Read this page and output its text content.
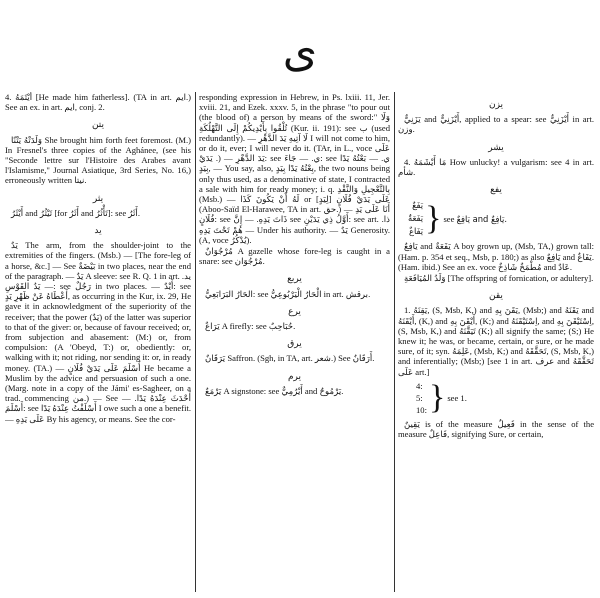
ى
4. أَيْتَمَهُ [He made him fatherless]. (TA in art. ايم.) See an ex. in art. ايم, conj. 2.
يتن
وَلَدَتْهُ يَتْنًا She brought him forth feet foremost. (M.) In Fresnel's three copies of the Aghánee, (see his "Seconde lettre sur l'Histoire des Arabes avant l'Islamisme," Journal Asiatique, 3rd Series, No. 16,) erroneously written نيتا.
يثر
أَيْثَرُ and تَيْثُرُ [for أَثَرُ and تَأْثُرُ]: see أَثَرُ.
يد
يَدٌ The arm, from the shoulder-joint to the extremities of the fingers. (Msb.) — [The fore-leg of a horse, &c.] — See بَيْضَةٌ in two places, near the end of the paragraph. — يَدٌ A sleeve: see R. Q. 1 in art. يد. — يَدُ القَوْسِ: see رَجُلٌ in two places. — أَيْدٌ: see أَعْطَاهُ عَنْ ظَهْرِ يَدٍ, as occurring in the Kur, ix. 29, He gave it in acknowledgment of the superiority of the receiver; that the power (يَدٌ) of the latter was superior to that of the giver: or, because of favour received; or, from subjection and abasement: (M:) or, from compulsion: (A 'Obeyd, T:) or, obediently: or, walking with it; not riding, nor sending it: or, in ready money. (TA.) — أَسْلَمَ عَلَى يَدَيْ فُلَانٍ He became a Muslim by the advice and persuasion of such a one. (Marg. note in a copy of the Jámi' es-Sagheer, on a trad. commencing من.) — See أَحْدَثَ عِنْدَهُ يَدًا. — أَسْلَمَ: see أَسْلَفْتُ عِنْدَهُ يَدًا I owe such a one a benefit. — عَلَى يَدِهِ By his agency, or means. See the cor-
responding expression in Hebrew, in Ps. lxiii. 11, Jer. xviii. 21, and Ezek. xxxv. 5, in the phrase "to pour out (the blood of) a person by means of the sword:" وَلَا تُلْقُوا بِأَيْدِيكُمْ إِلَى التَّهْلُكَةِ (Kur. ii. 191): see ب (used redundantly). — لَا آتِيهِ يَدَ الدَّهْرِ I will not come to him, or do it, ever; I will never do it. (TAr, in L., voce عَلَى يَدَيْ .) — يَدَ الدَّهْرِ: see ي. — جَاءَ: see ي. — بَعْتُهُ يَدًا بِيَدٍ, — You say, also, بِعْتُهُ يَدًا بِيَدٍ, the two nouns being only thus used, as a denominative of state, I contracted a sale with him for ready money; i. q. بِالتَّعْجِيلِ وَالنَّقْدِ (Msb.) — لَهُ أَنْ يَكُونَ كَذَا or [لِيَدٍ] عَلَى يَدَيْ فُلَانٍ (Aboo-Saïd El-Harawee, TA in art. حق.) — أَنَا عَلَى يَدِ فُلَانٍ: see ذَاتَ يَدِهِ. — إِنَّ see أَوَّلُ ذِي يَدَيْنِ: see art. ذا. — هُمْ تَحْتَ يَدِهِ Under his authority. — يَدٌ Generosity. (A, voce يُدْكُرُ).
مُرْجُوَانٌ A gazelle whose fore-leg is caught in a snare: see مُرْجُوَان.
يربع
الحَارُ البَرَابَعِيُّ: see الْحَارُ الْيَرْبُوعِيُّ in art. برقش.
يرع
يَرَاعٌ A firefly: see حُبَاحِبٌ.
يرق
يَرَقَانٌ Saffron. (Sgh, in TA, art. شعر.) See أَرَقَانٌ.
يرم
يَرْمَعٌ A signstone: see أَيْرُمِيٌّ and يَرْمُوحٌ.
يزن
يَزَنِيٌّ and أَيْزَنِيٌّ, applied to a spear: see أَيْزَنِيٌّ in art. وزن.
يشر
4. مَا أَيْشَمَهُ How unlucky! a vulgarism: see 4 in art. شأم.
يفع
يَفَعٌ
يَفَعَةٌ
يَفَاعٌ } see
يَافِعٌ and يَافِعٌ.
يَافِعٌ and يَفَعَةٌ A boy grown up, (Msb, TA,) grown tall: (Ham. p. 354 et seq., Msb, p. 180;) as also يَافِعٌ and يَفَاعٌ. (Ham. ibid.) See an ex. voce مُطْمَخٌ شَاذِخٌ and عَادٌ.
وَلَدُ المُيَافَعَةِ [The offspring of fornication, or adultery].
يقن
1. يَقِنَهُ, (S, Msb, K,) and يَقَنَ بِهِ, (Msb;) and يَقَنَهُ and أَيْقَنَهُ, (K,) and أَيْقَنَ بِهِ, (K;) and اِسْتَيْقَنَهُ, and اِسْتَيْقَنَ بِهِ, (S, Msb, K,) and تَيَقَّنَهُ (K;) all signify the same; (S;) He knew it; he was, or became, certain, or sure, or he made sure, of it; syn. عَلِمَهُ, (Msb, K;) and تَحَقَّقَهُ, (S, Msb, K,) and inferentially; (Msb;) [see 1 in art. عرف and تَحَقَّقَهُ عَلَى art.]
4:
5:
10: } see 1.
يَقِينٌ is of the measure فَعِيلٌ in the sense of the measure فَاعِلٌ, signifying Sure, or certain,
